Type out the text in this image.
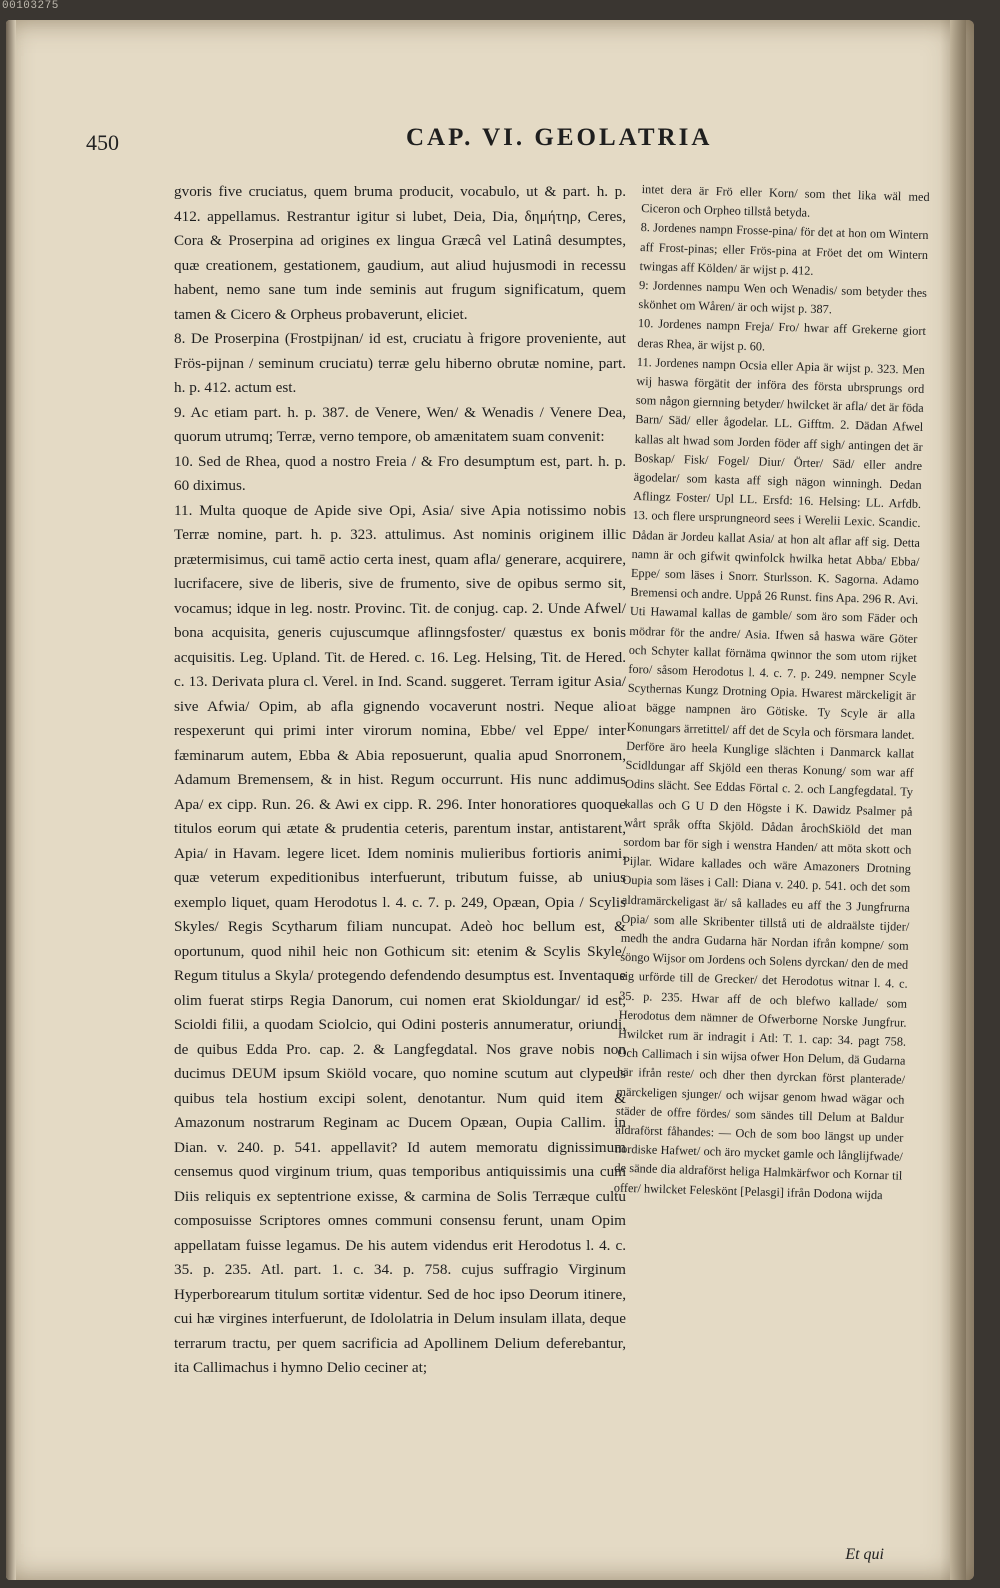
00103275
450	CAP. VI. GEOLATRIA

gvoris five cruciatus, quem bruma producit, vocabulo, ut & part. h. p. 412. appellamus. Restrantur igitur si lubet, Deia, Dia, δημήτηρ, Ceres, Cora & Proserpina ad origines ex lingua Græcâ vel Latinâ desumptes, quæ creationem, gestationem, gaudium, aut aliud hujusmodi in recessu habent, nemo sane tum inde seminis aut frugum significatum, quem tamen & Cicero & Orpheus probaverunt, eliciet.

8. De Proserpina (Frostpijnan/ id est, cruciatu à frigore proveniente, aut Frös-pijnan / seminum cruciatu) terræ gelu hiberno obrutæ nomine, part. h. p. 412. actum est.

9. Ac etiam part. h. p. 387. de Venere, Wen/ & Wenadis / Venere Dea, quorum utrumq; Terræ, verno tempore, ob amænitatem suam convenit:

10. Sed de Rhea, quod a nostro Freia / & Fro desumptum est, part. h. p. 60 diximus.

11. Multa quoque de Apide sive Opi, Asia/ sive Apia notissimo nobis Terræ nomine, part. h. p. 323. attulimus. Ast nominis originem illic prætermisimus, cui tamē actio certa inest, quam afla/ generare, acquirere, lucrifacere, sive de liberis, sive de frumento, sive de opibus sermo sit, vocamus; idque in leg. nostr. Provinc. Tit. de conjug. cap. 2. Unde Afwel/ bona acquisita, generis cujuscumque aflinngsfoster/ quæstus ex bonis acquisitis. Leg. Upland. Tit. de Hered. c. 16. Leg. Helsing, Tit. de Hered. c. 13. Derivata plura cl. Verel. in Ind. Scand. suggeret. Terram igitur Asia/ sive Afwia/ Opim, ab afla gignendo vocaverunt nostri. Neque alio respexerunt qui primi inter virorum nomina, Ebbe/ vel Eppe/ inter fæminarum autem, Ebba & Abia reposuerunt, qualia apud Snorronem, Adamum Bremensem, & in hist. Regum occurrunt. His nunc addimus Apa/ ex cipp. Run. 26. & Awi ex cipp. R. 296. Inter honoratiores quoque titulos eorum qui ætate & prudentia ceteris, parentum instar, antistarent, Apia/ in Havam. legere licet. Idem nominis mulieribus fortioris animi, quæ veterum expeditionibus interfuerunt, tributum fuisse, ab unius exemplo liquet, quam Herodotus l. 4. c. 7. p. 249, Opæan, Opia / Scylis Skyles/ Regis Scytharum filiam nuncupat. Adeò hoc bellum est, & oportunum, quod nihil heic non Gothicum sit: etenim & Scylis Skyle/ Regum titulus a Skyla/ protegendo defendendo desumptus est. Inventaque olim fuerat stirps Regia Danorum, cui nomen erat Skioldungar/ id est, Scioldi filii, a quodam Sciolcio, qui Odini posteris annumeratur, oriundi, de quibus Edda Pro. cap. 2. & Langfegdatal. Nos grave nobis non ducimus DEUM ipsum Skiöld vocare, quo nomine scutum aut clypeus quibus tela hostium excipi solent, denotantur. Num quid item & Amazonum nostrarum Reginam ac Ducem Opæan, Oupia Callim. in Dian. v. 240. p. 541. appellavit? Id autem memoratu dignissimum censemus quod virginum trium, quas temporibus antiquissimis una cum Diis reliquis ex septentrione exisse, & carmina de Solis Terræque cultu composuisse Scriptores omnes communi consensu ferunt, unam Opim appellatam fuisse legamus. De his autem videndus erit Herodotus l. 4. c. 35. p. 235. Atl. part. 1. c. 34. p. 758. cujus suffragio Virginum Hyperborearum titulum sortitæ videntur. Sed de hoc ipso Deorum itinere, cui hæ virgines interfuerunt, de Idololatria in Delum insulam illata, deque terrarum tractu, per quem sacrificia ad Apollinem Delium deferebantur, ita Callimachus i hymno Delio ceciner at;

intet dera är Frö eller Korn/ som thet lika wäl med Ciceron och Orpheo tillstå betyda.

8. Jordenes nampn Frosse-pina/ för det at hon om Wintern aff Frost-pinas; eller Frös-pina at Fröet det om Wintern twingas aff Kölden/ är wijst p. 412.

9: Jordennes nampu Wen och Wenadis/ som betyder thes skönhet om Wåren/ är och wijst p. 387.

10. Jordenes nampn Freja/ Fro/ hwar aff Grekerne giort deras Rhea, är wijst p. 60.

11. Jordenes nampn Ocsia eller Apia är wijst p. 323. Men wij haswa förgätit der införa des första ubrsprungs ord som någon giernning betyder/ hwilcket är afla/ det är föda Barn/ Säd/ eller ågodelar. LL. Gifftm. 2. Dädan Afwel kallas alt hwad som Jorden föder aff sigh/ antingen det är Boskap/ Fisk/ Fogel/ Diur/ Örter/ Säd/ eller andre ägodelar/ som kasta aff sigh nägon winningh. Dedan Aflingz Foster/ Upl LL. Ersfd: 16. Helsing: LL. Arfdb. 13. och flere ursprungneord sees i Werelii Lexic. Scandic. Dådan är Jordeu kallat Asia/ at hon alt aflar aff sig. Detta namn är och gifwit qwinfolck hwilka hetat Abba/ Ebba/ Eppe/ som läses i Snorr. Sturlsson. K. Sagorna. Adamo Bremensi och andre. Uppå 26 Runst. fins Apa. 296 R. Avi. Uti Hawamal kallas de gamble/ som äro som Fäder och mödrar för the andre/ Asia. Ifwen så haswa wäre Göter och Schyter kallat förnäma qwinnor the som utom rijket foro/ såsom Herodotus l. 4. c. 7. p. 249. nempner Scyle Scythernas Kungz Drotning Opia. Hwarest märckeligit är at bägge nampnen äro Götiske. Ty Scyle är alla Konungars ärretittel/ aff det de Scyla och försmara landet. Derföre äro heela Kunglige slächten i Danmarck kallat Scidldungar aff Skjöld een theras Konung/ som war aff Odins slächt. See Eddas Förtal c. 2. och Langfegdatal. Ty kallas och G U D den Högste i K. Dawidz Psalmer på wårt språk offta Skjöld. Dådan årochSkiöld det man sordom bar för sigh i wenstra Handen/ att möta skott och Pijlar. Widare kallades och wäre Amazoners Drotning Oupia som läses i Call: Diana v. 240. p. 541. och det som aldramärckeligast är/ så kallades eu aff the 3 Jungfrurna Opia/ som alle Skribenter tillstå uti de aldraälste tijder/ medh the andra Gudarna här Nordan ifrån kompne/ som söngo Wijsor om Jordens och Solens dyrckan/ den de med sig urförde till de Grecker/ det Herodotus witnar l. 4. c. 35. p. 235. Hwar aff de och blefwo kallade/ som Herodotus dem nämner de Ofwerborne Norske Jungfrur. Hwilcket rum är indragit i Atl: T. 1. cap: 34. pagt 758. Och Callimach i sin wijsa ofwer Hon Delum, dä Gudarna här ifrån reste/ och dher then dyrckan först planterade/ märckeligen sjunger/ och wijsar genom hwad wägar och städer de offre fördes/ som sändes till Delum at Baldur aldraförst fåhandes: — Och de som boo längst up under nordiske Hafwet/ och äro mycket gamle och långlijfwade/ de sände dia aldraförst heliga Halmkärfwor och Kornar til offer/ hwilcket Feleskönt [Pelasgi] ifrån Dodona wijda

Et qui
